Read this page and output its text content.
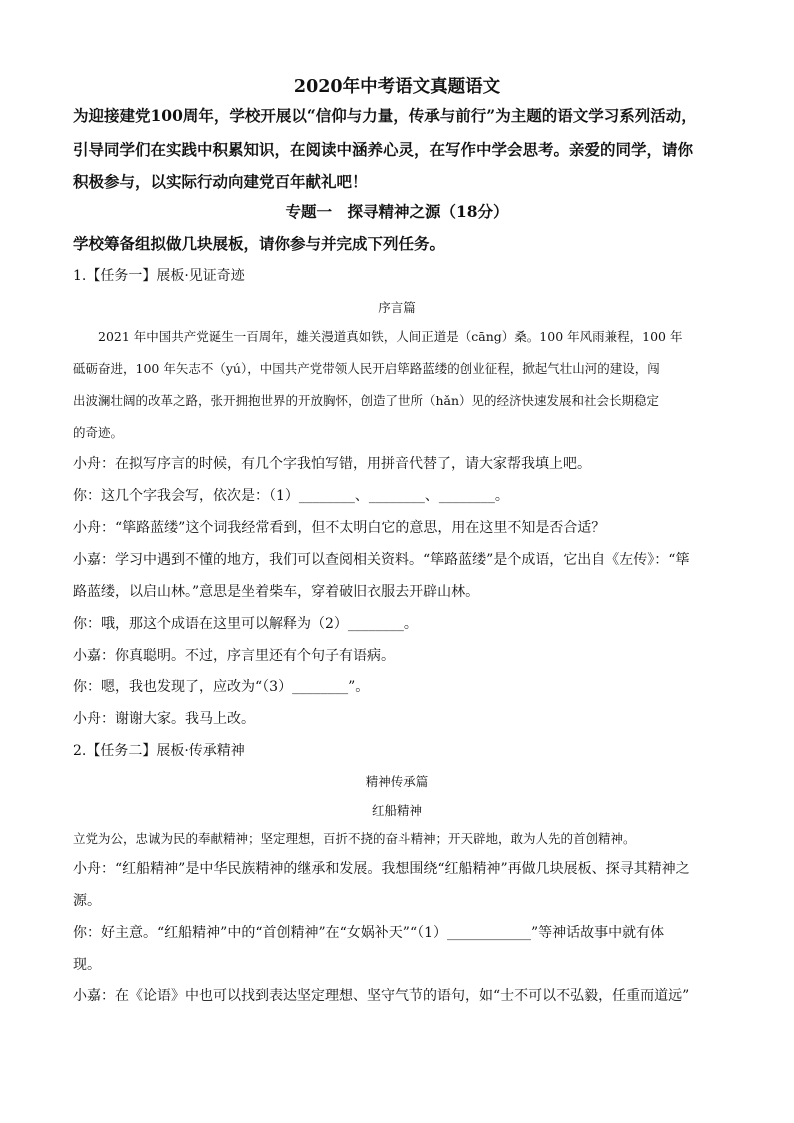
2020年中考语文真题语文
为迎接建党100周年，学校开展以“信仰与力量，传承与前行”为主题的语文学习系列活动，
引导同学们在实践中积累知识，在阅读中涵养心灵，在写作中学会思考。亲爱的同学，请你
积极参与，以实际行动向建党百年献礼吧！
专题一　探寻精神之源（18分）
学校筹备组拟做几块展板，请你参与并完成下列任务。
1.【任务一】展板·见证奇迹
序言篇
　　2021 年中国共产党诞生一百周年，雄关漫道真如铁，人间正道是（cāng）桑。100 年风雨兼程，100 年
砥砺奋进，100 年矢志不（yú），中国共产党带领人民开启筚路蓝缕的创业征程，掀起气壮山河的建设，闯
出波澜壮阔的改革之路，张开拥抱世界的开放胸怀，创造了世所（hǎn）见的经济快速发展和社会长期稳定
的奇迹。
小舟：在拟写序言的时候，有几个字我怕写错，用拼音代替了，请大家帮我填上吧。
你：这几个字我会写，依次是：（1）________、________、________。
小舟：“筚路蓝缕”这个词我经常看到，但不太明白它的意思，用在这里不知是否合适？
小嘉：学习中遇到不懂的地方，我们可以查阅相关资料。“筚路蓝缕”是个成语，它出自《左传》：“筚
路蓝缕，以启山林。”意思是坐着柴车，穿着破旧衣服去开辟山林。
你：哦，那这个成语在这里可以解释为（2）________。
小嘉：你真聪明。不过，序言里还有个句子有语病。
你：嗯，我也发现了，应改为“（3）________”。
小舟：谢谢大家。我马上改。
2.【任务二】展板·传承精神
精神传承篇
红船精神
立党为公，忠诚为民的奉献精神；坚定理想，百折不挠的奋斗精神；开天辟地，敢为人先的首创精神。
小舟：“红船精神”是中华民族精神的继承和发展。我想围绕“红船精神”再做几块展板、探寻其精神之
源。
你：好主意。“红船精神”中的“首创精神”在“女娲补天”“（1）____________”等神话故事中就有体
现。
小嘉：在《论语》中也可以找到表达坚定理想、坚守气节的语句，如“士不可以不弘毅，任重而道远”
